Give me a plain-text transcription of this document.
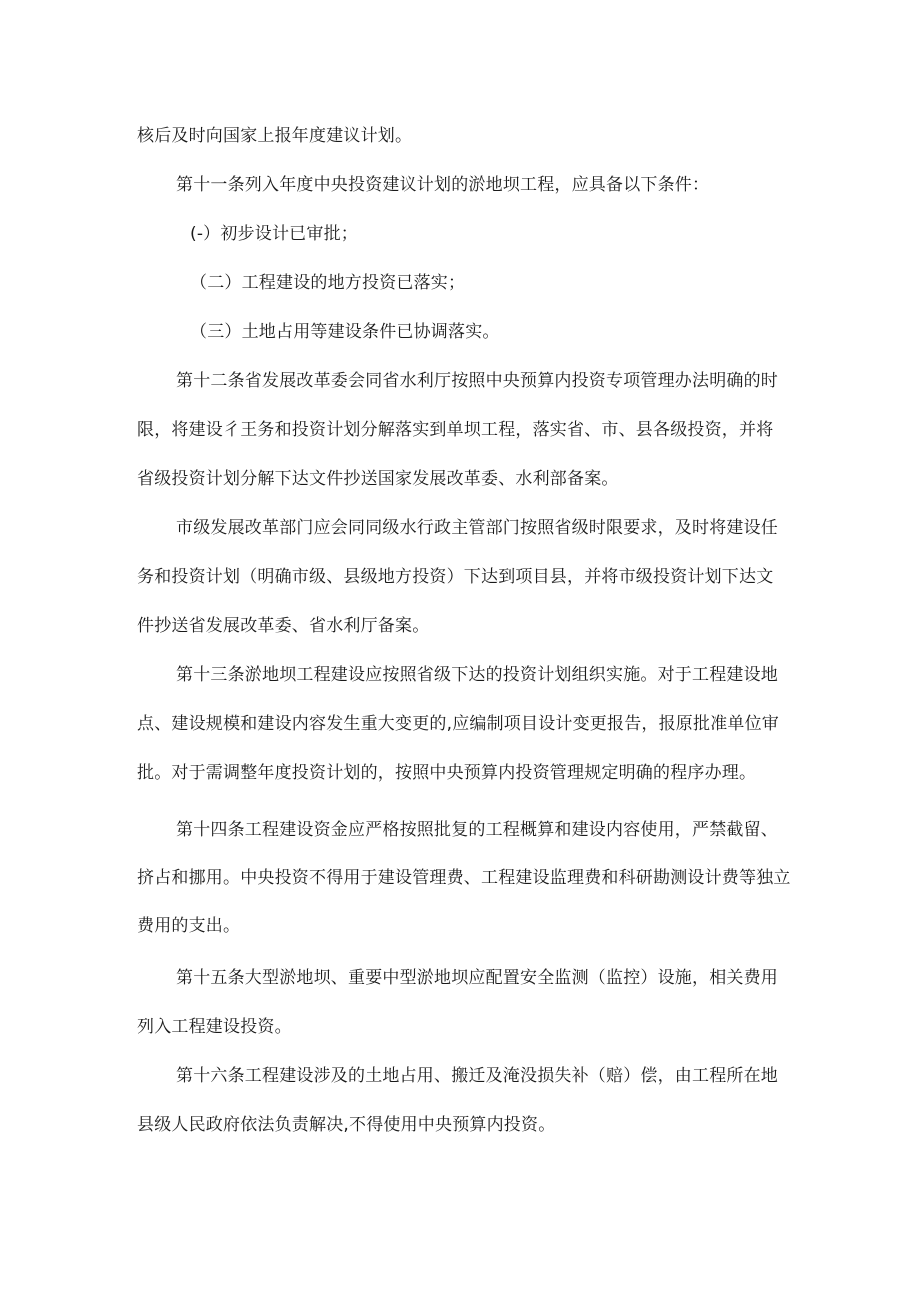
核后及时向国家上报年度建议计划。
第十一条列入年度中央投资建议计划的淤地坝工程，应具备以下条件：
(-）初步设计已审批；
（二）工程建设的地方投资已落实；
（三）土地占用等建设条件已协调落实。
第十二条省发展改革委会同省水利厅按照中央预算内投资专项管理办法明确的时
限，将建设彳王务和投资计划分解落实到单坝工程，落实省、市、县各级投资，并将
省级投资计划分解下达文件抄送国家发展改革委、水利部备案。
市级发展改革部门应会同同级水行政主管部门按照省级时限要求，及时将建设任
务和投资计划（明确市级、县级地方投资）下达到项目县，并将市级投资计划下达文
件抄送省发展改革委、省水利厅备案。
第十三条淤地坝工程建设应按照省级下达的投资计划组织实施。对于工程建设地
点、建设规模和建设内容发生重大变更的,应编制项目设计变更报告，报原批准单位审
批。对于需调整年度投资计划的，按照中央预算内投资管理规定明确的程序办理。
第十四条工程建设资金应严格按照批复的工程概算和建设内容使用，严禁截留、
挤占和挪用。中央投资不得用于建设管理费、工程建设监理费和科研勘测设计费等独立
费用的支出。
第十五条大型淤地坝、重要中型淤地坝应配置安全监测（监控）设施，相关费用
列入工程建设投资。
第十六条工程建设涉及的土地占用、搬迁及淹没损失补（赔）偿，由工程所在地
县级人民政府依法负责解决,不得使用中央预算内投资。
